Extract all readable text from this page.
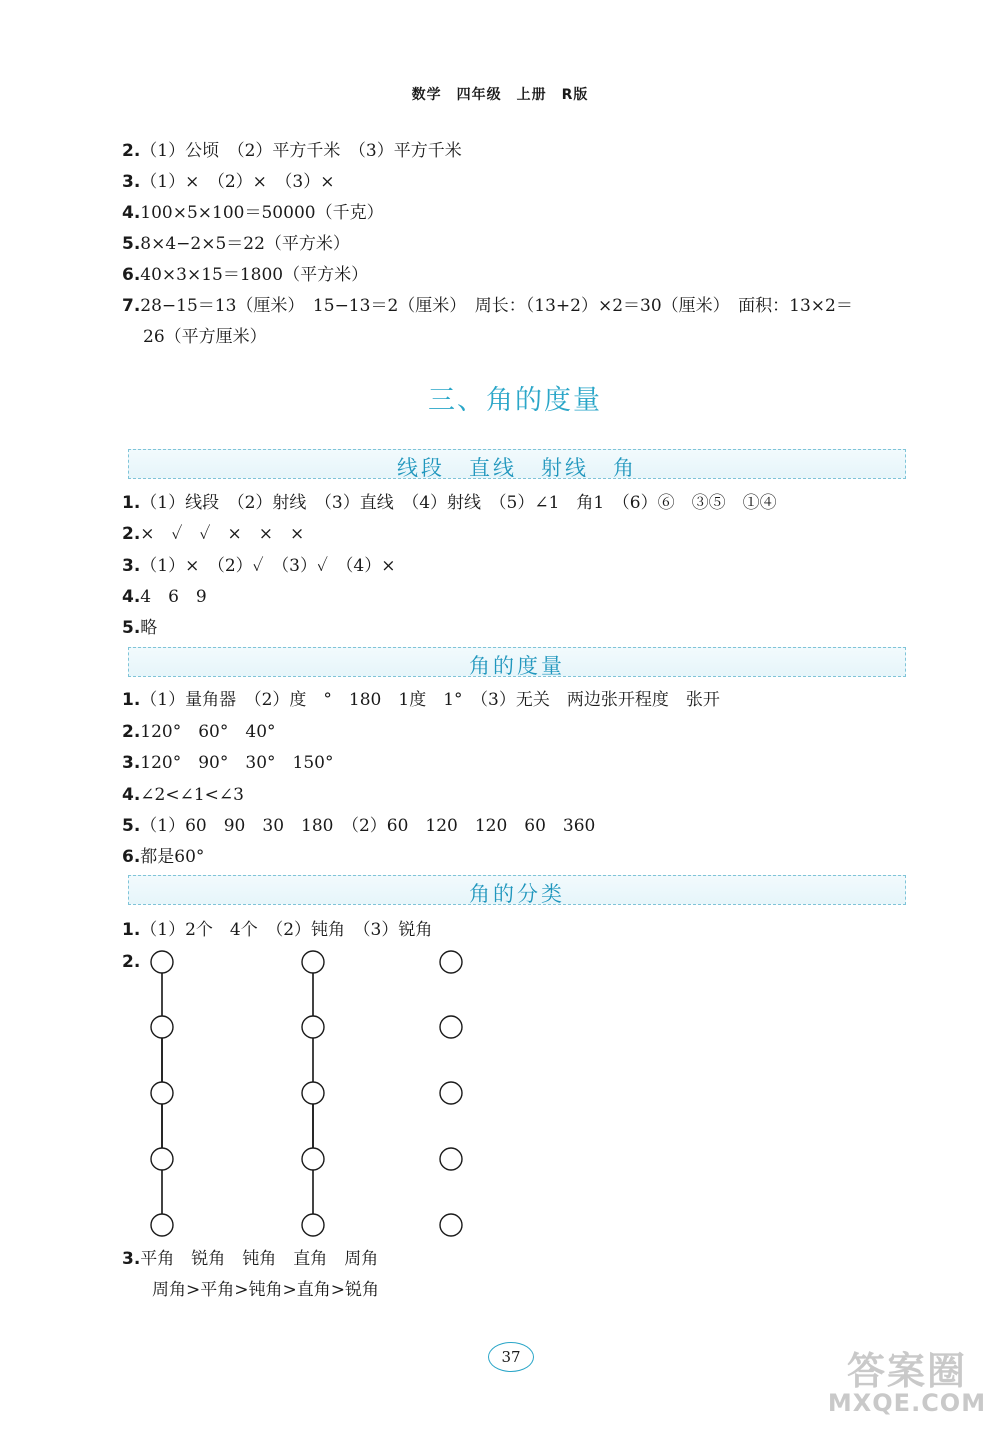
数学　四年级　上册　R版
2.（1）公顷　（2）平方千米　（3）平方千米
3.（1）×　（2）×　（3）×
4.100×5×100＝50000（千克）
5.8×4−2×5＝22（平方米）
6.40×3×15＝1800（平方米）
7.28−15＝13（厘米）　15−13＝2（厘米）　周长：（13+2）×2＝30（厘米）　面积：13×2＝
26（平方厘米）
三、角的度量
线段　直线　射线　角
1.（1）线段　（2）射线　（3）直线　（4）射线　（5）∠1　角1　（6）⑥　③⑤　①④
2.×　✓　✓　×　×　×
3.（1）×　（2）✓　（3）✓　（4）×
4.4　6　9
5.略
角的度量
1.（1）量角器　（2）度　°　180　1度　1°　（3）无关　两边张开程度　张开
2.120°　60°　40°
3.120°　90°　30°　150°
4.∠2<∠1<∠3
5.（1）60　90　30　180　（2）60　120　120　60　360
6.都是60°
角的分类
1.（1）2个　4个　（2）钝角　（3）锐角
2.
3.平角　锐角　钝角　直角　周角
周角>平角>钝角>直角>锐角
37	答案圈
MXQE.COM
